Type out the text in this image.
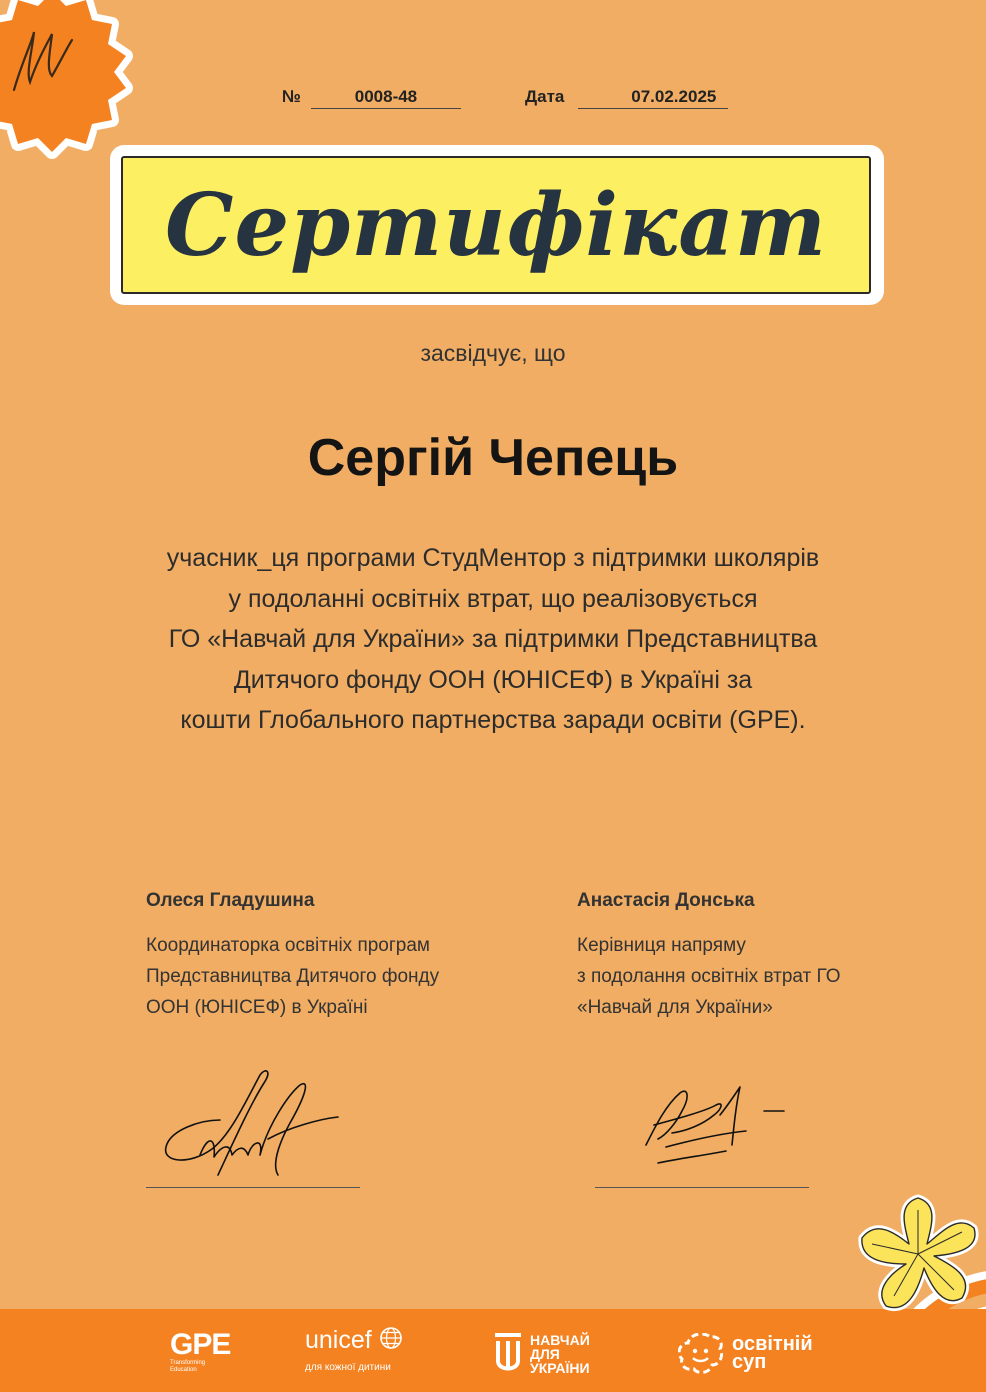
№	0008-48	Дата	07.02.2025
Сертифікат
засвідчує, що
Сергій Чепець
учасник_ця програми СтудМентор з підтримки школярів
у подоланні освітніх втрат, що реалізовується
ГО «Навчай для України» за підтримки Представництва
Дитячого фонду ООН (ЮНІСЕФ) в Україні за
кошти Глобального партнерства заради освіти (GPE).
Олеся Гладушина
Координаторка освітніх програм
Представництва Дитячого фонду
ООН (ЮНІСЕФ) в Україні
Анастасія Донська
Керівниця напряму
з подолання освітніх втрат ГО
«Навчай для України»
GPE
Transforming
Education
unicef
для кожної дитини
НАВЧАЙ
ДЛЯ
УКРАЇНИ
освітній
суп
